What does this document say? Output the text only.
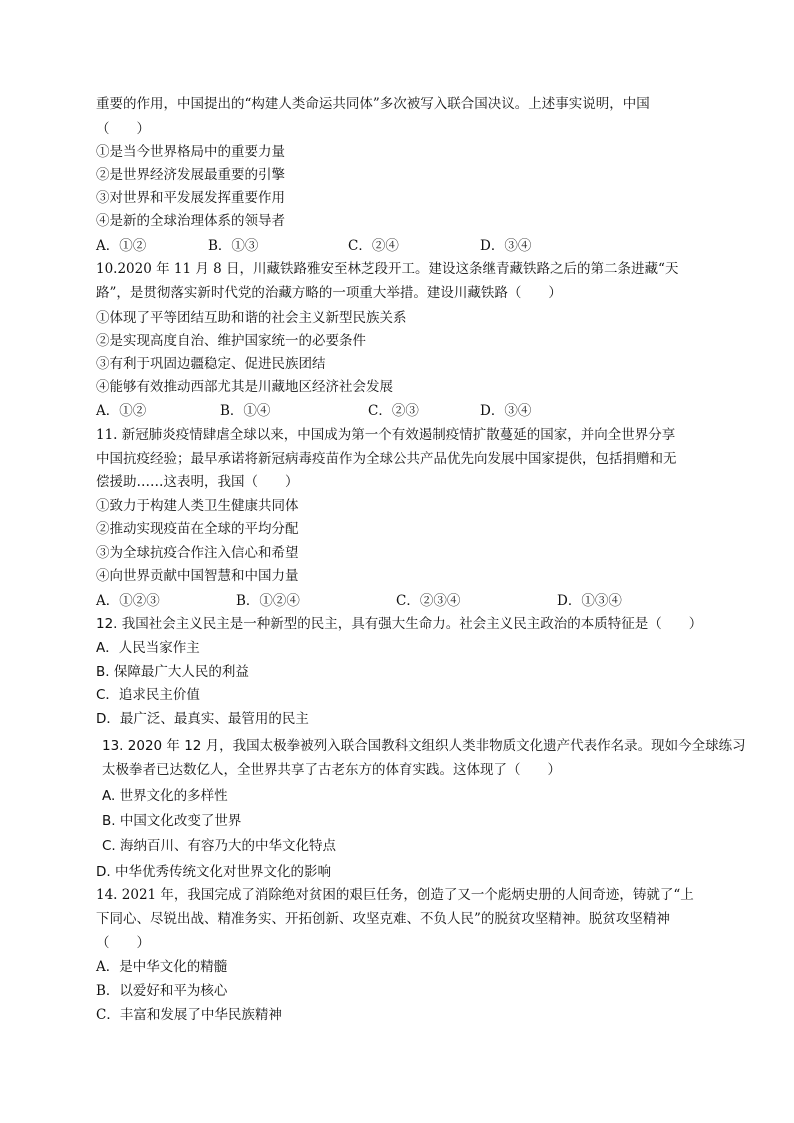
重要的作用，中国提出的“构建人类命运共同体”多次被写入联合国决议。上述事实说明，中国
（　　）
①是当今世界格局中的重要力量
②是世界经济发展最重要的引擎
③对世界和平发展发挥重要作用
④是新的全球治理体系的领导者
A．①②	B．①③	C．②④	D．③④
10.2020 年 11 月 8 日，川藏铁路雅安至林芝段开工。建设这条继青藏铁路之后的第二条进藏“天
路”，是贯彻落实新时代党的治藏方略的一项重大举措。建设川藏铁路（　　）
①体现了平等团结互助和谐的社会主义新型民族关系
②是实现高度自治、维护国家统一的必要条件
③有利于巩固边疆稳定、促进民族团结
④能够有效推动西部尤其是川藏地区经济社会发展
A．①②	B．①④	C．②③	D．③④
11. 新冠肺炎疫情肆虐全球以来，中国成为第一个有效遏制疫情扩散蔓延的国家，并向全世界分享
中国抗疫经验；最早承诺将新冠病毒疫苗作为全球公共产品优先向发展中国家提供，包括捐赠和无
偿援助……这表明，我国（　　）
①致力于构建人类卫生健康共同体
②推动实现疫苗在全球的平均分配
③为全球抗疫合作注入信心和希望
④向世界贡献中国智慧和中国力量
A．①②③	B．①②④	C．②③④	D．①③④
12. 我国社会主义民主是一种新型的民主，具有强大生命力。社会主义民主政治的本质特征是（　　）
A．人民当家作主
B. 保障最广大人民的利益
C．追求民主价值
D．最广泛、最真实、最管用的民主
13. 2020 年 12 月，我国太极拳被列入联合国教科文组织人类非物质文化遗产代表作名录。现如今全球练习
太极拳者已达数亿人，全世界共享了古老东方的体育实践。这体现了（　　）
A. 世界文化的多样性
B. 中国文化改变了世界
C. 海纳百川、有容乃大的中华文化特点
D. 中华优秀传统文化对世界文化的影响
14. 2021 年，我国完成了消除绝对贫困的艰巨任务，创造了又一个彪炳史册的人间奇迹，铸就了“上
下同心、尽锐出战、精准务实、开拓创新、攻坚克难、不负人民”的脱贫攻坚精神。脱贫攻坚精神
（　　）
A．是中华文化的精髓
B．以爱好和平为核心
C．丰富和发展了中华民族精神
